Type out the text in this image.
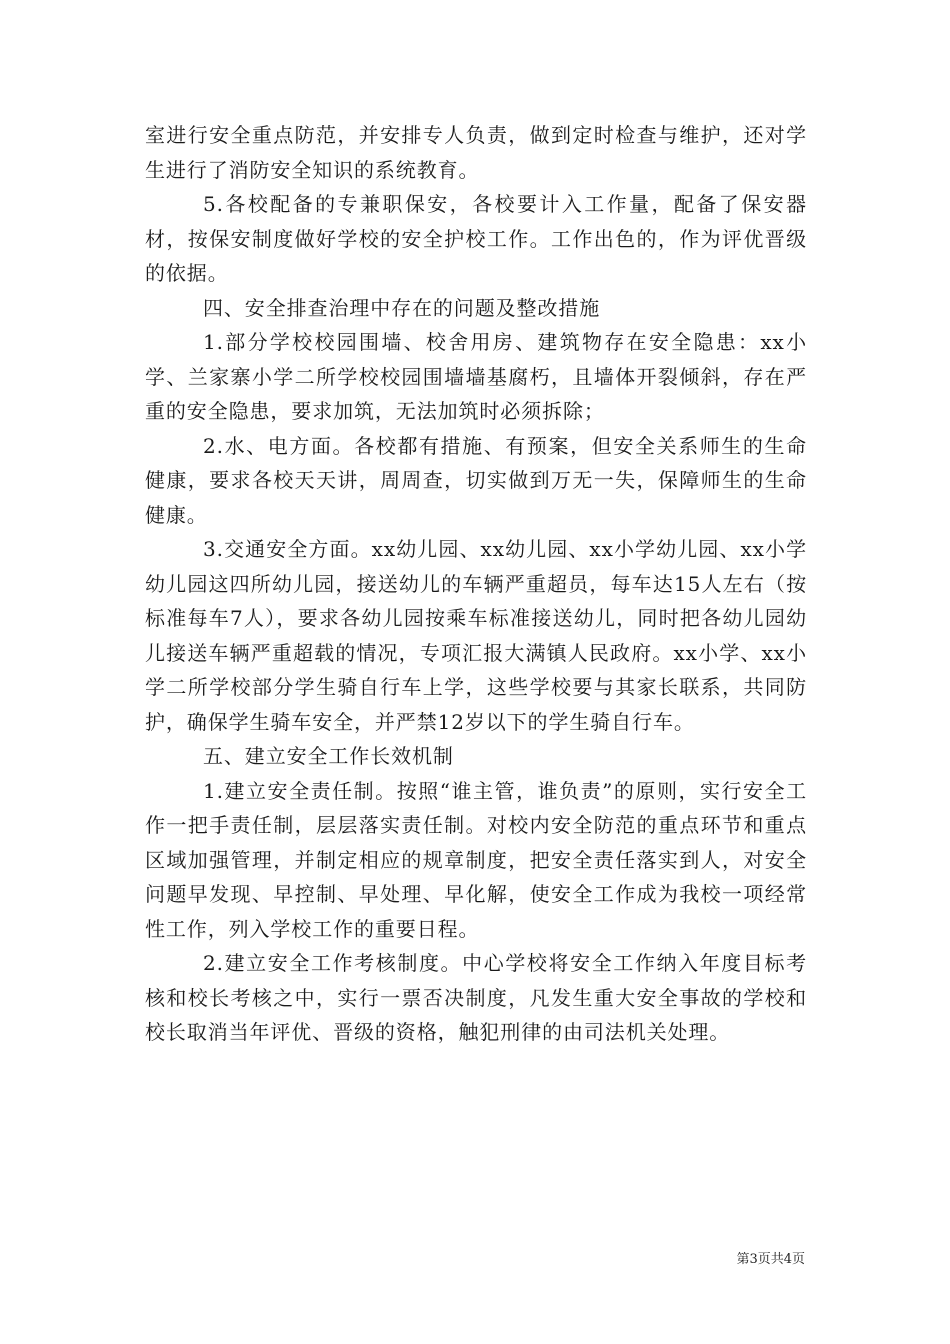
室进行安全重点防范，并安排专人负责，做到定时检查与维护，还对学生进行了消防安全知识的系统教育。

5.各校配备的专兼职保安，各校要计入工作量，配备了保安器材，按保安制度做好学校的安全护校工作。工作出色的，作为评优晋级的依据。

四、安全排查治理中存在的问题及整改措施

1.部分学校校园围墙、校舍用房、建筑物存在安全隐患：xx小学、兰家寨小学二所学校校园围墙墙基腐朽，且墙体开裂倾斜，存在严重的安全隐患，要求加筑，无法加筑时必须拆除；

2.水、电方面。各校都有措施、有预案，但安全关系师生的生命健康，要求各校天天讲，周周查，切实做到万无一失，保障师生的生命健康。

3.交通安全方面。xx幼儿园、xx幼儿园、xx小学幼儿园、xx小学幼儿园这四所幼儿园，接送幼儿的车辆严重超员，每车达15人左右（按标准每车7人），要求各幼儿园按乘车标准接送幼儿，同时把各幼儿园幼儿接送车辆严重超载的情况，专项汇报大满镇人民政府。xx小学、xx小学二所学校部分学生骑自行车上学，这些学校要与其家长联系，共同防护，确保学生骑车安全，并严禁12岁以下的学生骑自行车。

五、建立安全工作长效机制

1.建立安全责任制。按照“谁主管，谁负责”的原则，实行安全工作一把手责任制，层层落实责任制。对校内安全防范的重点环节和重点区域加强管理，并制定相应的规章制度，把安全责任落实到人，对安全问题早发现、早控制、早处理、早化解，使安全工作成为我校一项经常性工作，列入学校工作的重要日程。

2.建立安全工作考核制度。中心学校将安全工作纳入年度目标考核和校长考核之中，实行一票否决制度，凡发生重大安全事故的学校和校长取消当年评优、晋级的资格，触犯刑律的由司法机关处理。

第3页共4页
